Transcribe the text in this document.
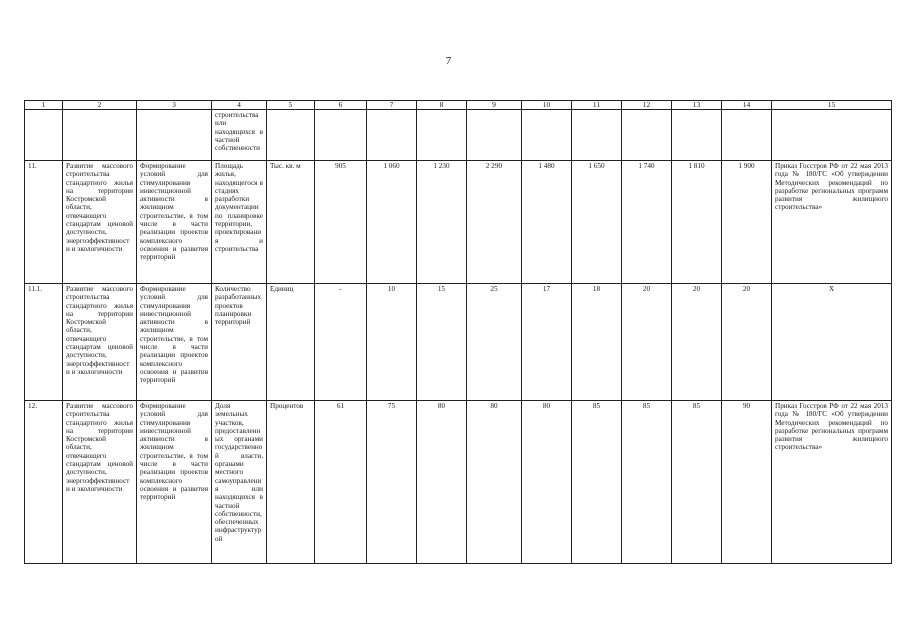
7
1	2	3	4	5	6	7	8	9	10	11	12	13	14	15
			строительства или находящихся в частной собственности											
11.	Развитие массового строительства стандартного жилья на территории Костромской области, отвечающего стандартам ценовой доступности, энергоэффективности и экологичности	Формирование условий для стимулирования инвестиционной активности в жилищном строительстве, в том числе в части реализации проектов комплексного освоения и развития территорий	Площадь жилья, находящегося в стадиях разработки документации по планировке территории, проектирования и строительства	Тыс. кв. м	905	1 060	1 230	2 290	1 480	1 650	1 740	1 810	1 900	Приказ Госстроя РФ от 22 мая 2013 года № 180/ГС «Об утверждении Методических рекомендаций по разработке региональных программ развития жилищного строительства»
11.1.	Развитие массового строительства стандартного жилья на территории Костромской области, отвечающего стандартам ценовой доступности, энергоэффективности и экологичности	Формирование условий для стимулирования инвестиционной активности в жилищном строительстве, в том числе в части реализации проектов комплексного освоения и развития территорий	Количество разработанных проектов планировки территорий	Единиц	-	10	15	25	17	18	20	20	20	Х
12.	Развитие массового строительства стандартного жилья на территории Костромской области, отвечающего стандартам ценовой доступности, энергоэффективности и экологичности	Формирование условий для стимулирования инвестиционной активности в жилищном строительстве, в том числе в части реализации проектов комплексного освоения и развития территорий	Доля земельных участков, предоставленных органами государственной власти, органами местного самоуправления или находящихся в частной собственности, обеспеченных инфраструктурой	Процентов	61	75	80	80	80	85	85	85	90	Приказ Госстроя РФ от 22 мая 2013 года № 180/ГС «Об утверждении Методических рекомендаций по разработке региональных программ развития жилищного строительства»
